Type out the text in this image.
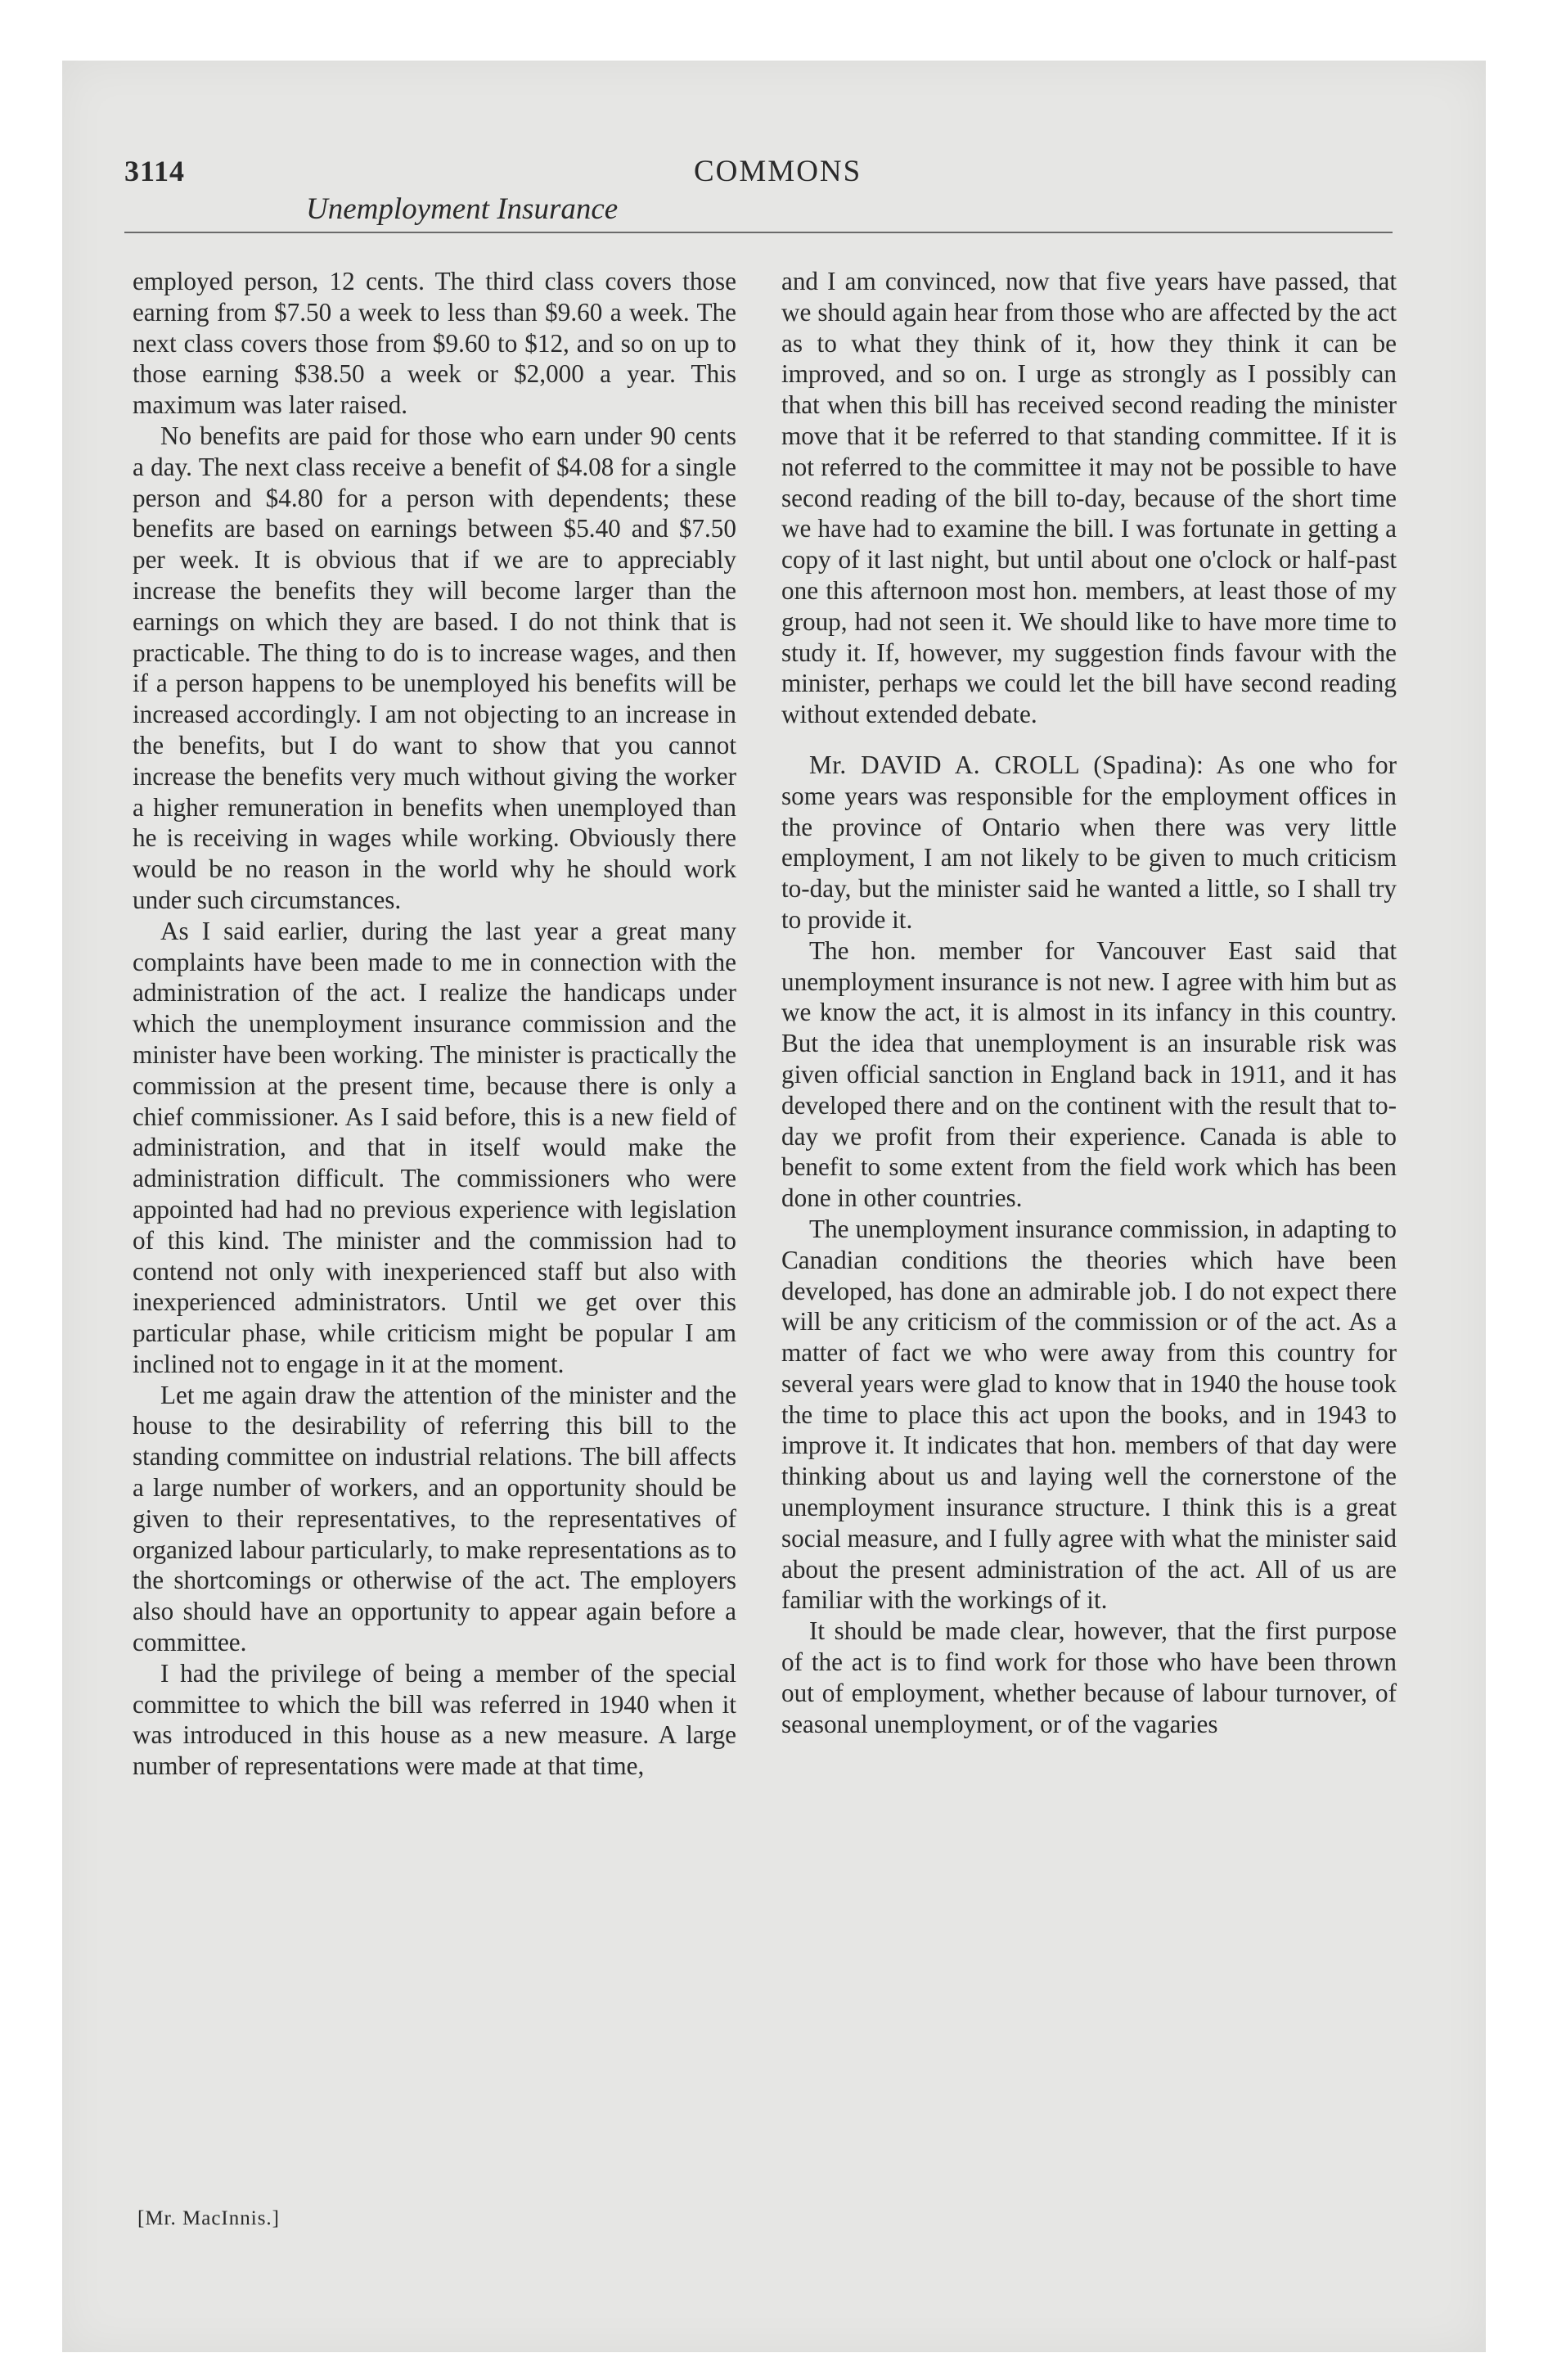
3114
Unemployment Insurance
COMMONS

employed person, 12 cents. The third class covers those earning from $7.50 a week to less than $9.60 a week. The next class covers those from $9.60 to $12, and so on up to those earning $38.50 a week or $2,000 a year. This maximum was later raised.

No benefits are paid for those who earn under 90 cents a day. The next class receive a benefit of $4.08 for a single person and $4.80 for a person with dependents; these benefits are based on earnings between $5.40 and $7.50 per week. It is obvious that if we are to appreciably increase the benefits they will become larger than the earnings on which they are based. I do not think that is practicable. The thing to do is to increase wages, and then if a person happens to be unemployed his benefits will be increased accordingly. I am not objecting to an increase in the benefits, but I do want to show that you cannot increase the benefits very much without giving the worker a higher remuneration in benefits when unemployed than he is receiving in wages while working. Obviously there would be no reason in the world why he should work under such circumstances.

As I said earlier, during the last year a great many complaints have been made to me in connection with the administration of the act. I realize the handicaps under which the unemployment insurance commission and the minister have been working. The minister is practically the commission at the present time, because there is only a chief commissioner. As I said before, this is a new field of administration, and that in itself would make the administration difficult. The commissioners who were appointed had had no previous experience with legislation of this kind. The minister and the commission had to contend not only with inexperienced staff but also with inexperienced administrators. Until we get over this particular phase, while criticism might be popular I am inclined not to engage in it at the moment.

Let me again draw the attention of the minister and the house to the desirability of referring this bill to the standing committee on industrial relations. The bill affects a large number of workers, and an opportunity should be given to their representatives, to the representatives of organized labour particularly, to make representations as to the shortcomings or otherwise of the act. The employers also should have an opportunity to appear again before a committee.

I had the privilege of being a member of the special committee to which the bill was referred in 1940 when it was introduced in this house as a new measure. A large number of representations were made at that time,

and I am convinced, now that five years have passed, that we should again hear from those who are affected by the act as to what they think of it, how they think it can be improved, and so on. I urge as strongly as I possibly can that when this bill has received second reading the minister move that it be referred to that standing committee. If it is not referred to the committee it may not be possible to have second reading of the bill to-day, because of the short time we have had to examine the bill. I was fortunate in getting a copy of it last night, but until about one o'clock or half-past one this afternoon most hon. members, at least those of my group, had not seen it. We should like to have more time to study it. If, however, my suggestion finds favour with the minister, perhaps we could let the bill have second reading without extended debate.

Mr. DAVID A. CROLL (Spadina): As one who for some years was responsible for the employment offices in the province of Ontario when there was very little employment, I am not likely to be given to much criticism to-day, but the minister said he wanted a little, so I shall try to provide it.

The hon. member for Vancouver East said that unemployment insurance is not new. I agree with him but as we know the act, it is almost in its infancy in this country. But the idea that unemployment is an insurable risk was given official sanction in England back in 1911, and it has developed there and on the continent with the result that to-day we profit from their experience. Canada is able to benefit to some extent from the field work which has been done in other countries.

The unemployment insurance commission, in adapting to Canadian conditions the theories which have been developed, has done an admirable job. I do not expect there will be any criticism of the commission or of the act. As a matter of fact we who were away from this country for several years were glad to know that in 1940 the house took the time to place this act upon the books, and in 1943 to improve it. It indicates that hon. members of that day were thinking about us and laying well the cornerstone of the unemployment insurance structure. I think this is a great social measure, and I fully agree with what the minister said about the present administration of the act. All of us are familiar with the workings of it.

It should be made clear, however, that the first purpose of the act is to find work for those who have been thrown out of employment, whether because of labour turnover, of seasonal unemployment, or of the vagaries

[Mr. MacInnis.]
